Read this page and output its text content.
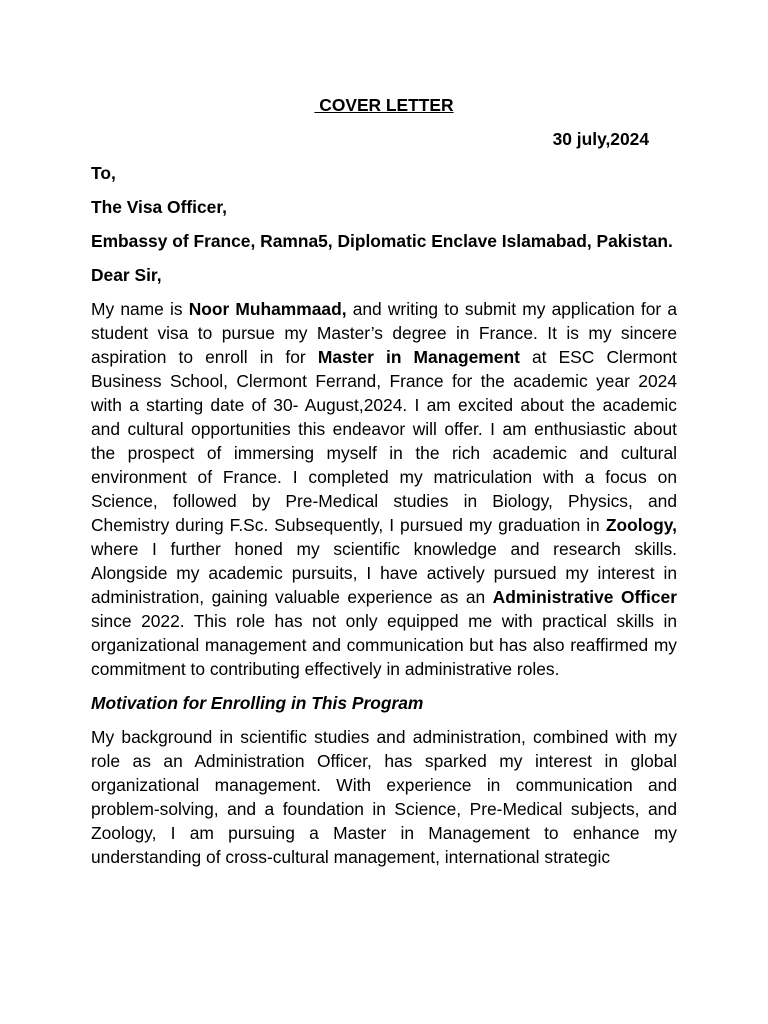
COVER LETTER
30 july,2024
To,
The Visa Officer,
Embassy of France, Ramna5, Diplomatic Enclave Islamabad, Pakistan.
Dear Sir,
My name is Noor Muhammaad, and writing to submit my application for a student visa to pursue my Master’s degree in France. It is my sincere aspiration to enroll in for Master in Management at ESC Clermont Business School, Clermont Ferrand, France for the academic year 2024 with a starting date of 30- August,2024. I am excited about the academic and cultural opportunities this endeavor will offer. I am enthusiastic about the prospect of immersing myself in the rich academic and cultural environment of France. I completed my matriculation with a focus on Science, followed by Pre-Medical studies in Biology, Physics, and Chemistry during F.Sc. Subsequently, I pursued my graduation in Zoology, where I further honed my scientific knowledge and research skills. Alongside my academic pursuits, I have actively pursued my interest in administration, gaining valuable experience as an Administrative Officer since 2022. This role has not only equipped me with practical skills in organizational management and communication but has also reaffirmed my commitment to contributing effectively in administrative roles.
Motivation for Enrolling in This Program
My background in scientific studies and administration, combined with my role as an Administration Officer, has sparked my interest in global organizational management. With experience in communication and problem-solving, and a foundation in Science, Pre-Medical subjects, and Zoology, I am pursuing a Master in Management to enhance my understanding of cross-cultural management, international strategic
